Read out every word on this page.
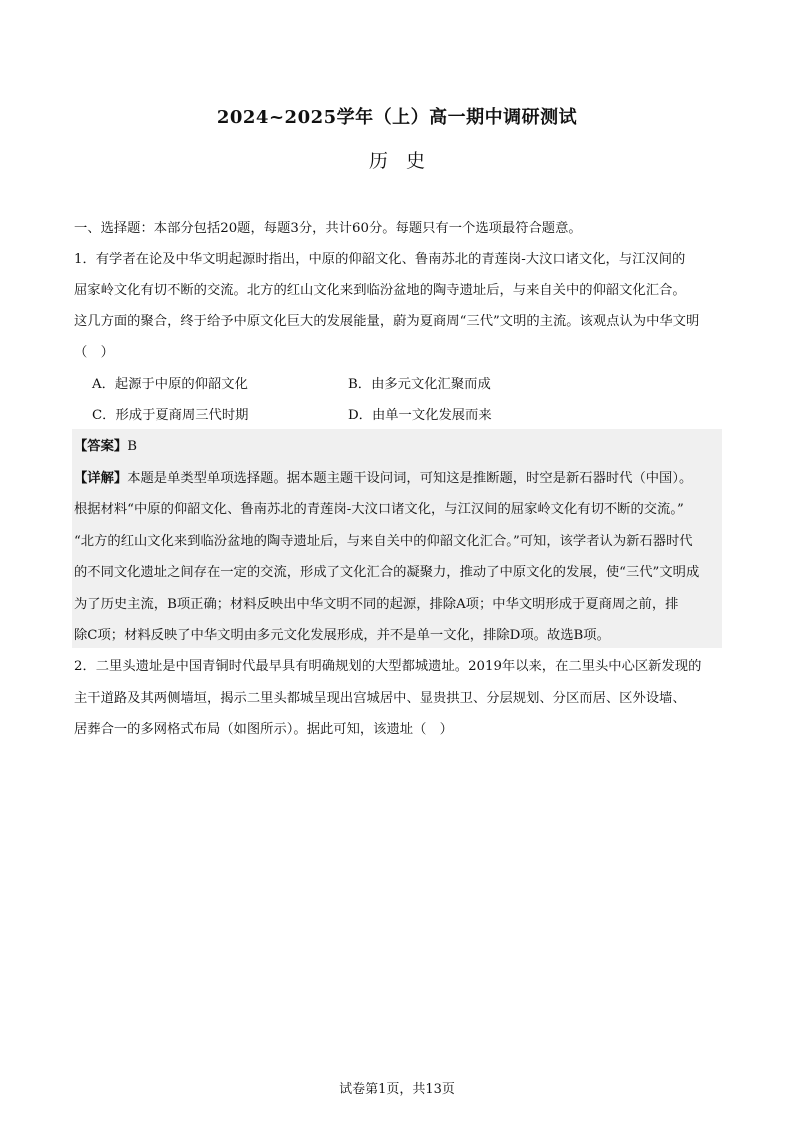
2024~2025学年（上）高一期中调研测试
历史
一、选择题：本部分包括20题，每题3分，共计60分。每题只有一个选项最符合题意。
1．有学者在论及中华文明起源时指出，中原的仰韶文化、鲁南苏北的青莲岗-大汶口诸文化，与江汉间的
屈家岭文化有切不断的交流。北方的红山文化来到临汾盆地的陶寺遗址后，与来自关中的仰韶文化汇合。
这几方面的聚合，终于给予中原文化巨大的发展能量，蔚为夏商周“三代”文明的主流。该观点认为中华文明
（　）
A．起源于中原的仰韶文化	B．由多元文化汇聚而成
C．形成于夏商周三代时期	D．由单一文化发展而来
【答案】B
【详解】本题是单类型单项选择题。据本题主题干设问词，可知这是推断题，时空是新石器时代（中国）。
根据材料“中原的仰韶文化、鲁南苏北的青莲岗-大汶口诸文化，与江汉间的屈家岭文化有切不断的交流。”
“北方的红山文化来到临汾盆地的陶寺遗址后，与来自关中的仰韶文化汇合。”可知，该学者认为新石器时代
的不同文化遗址之间存在一定的交流，形成了文化汇合的凝聚力，推动了中原文化的发展，使“三代”文明成
为了历史主流，B项正确；材料反映出中华文明不同的起源，排除A项；中华文明形成于夏商周之前，排
除C项；材料反映了中华文明由多元文化发展形成，并不是单一文化，排除D项。故选B项。
2．二里头遗址是中国青铜时代最早具有明确规划的大型都城遗址。2019年以来，在二里头中心区新发现的
主干道路及其两侧墙垣，揭示二里头都城呈现出宫城居中、显贵拱卫、分层规划、分区而居、区外设墙、
居葬合一的多网格式布局（如图所示）。据此可知，该遗址（　）
试卷第1页，共13页
